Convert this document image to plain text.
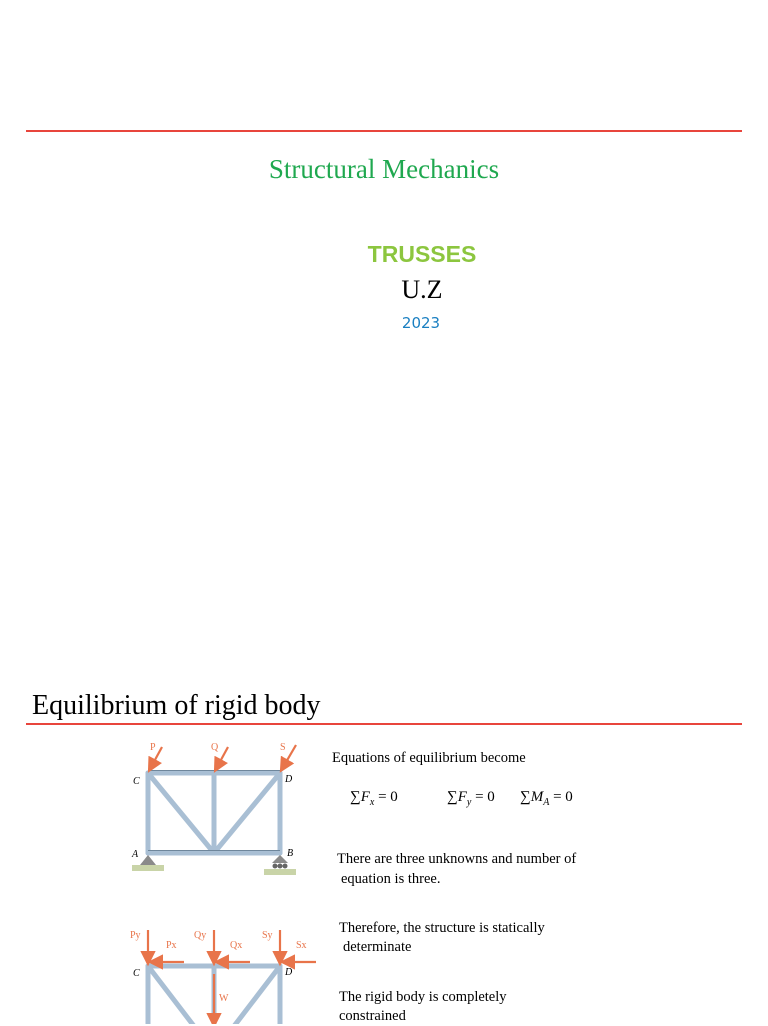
Structural Mechanics
TRUSSES
U.Z
2023
Equilibrium of rigid body
Equations of equilibrium become
$\sum F_x = 0$	$\sum F_y = 0$ $\sum M_A = 0$
There are three unknowns and number of
equation is three.
Therefore, the structure is statically
determinate
The rigid body is completely
constrained
P	Q	S
C	D
A	B
Py
Px
Qy
Qx
Sy
Sx
W
C	D
